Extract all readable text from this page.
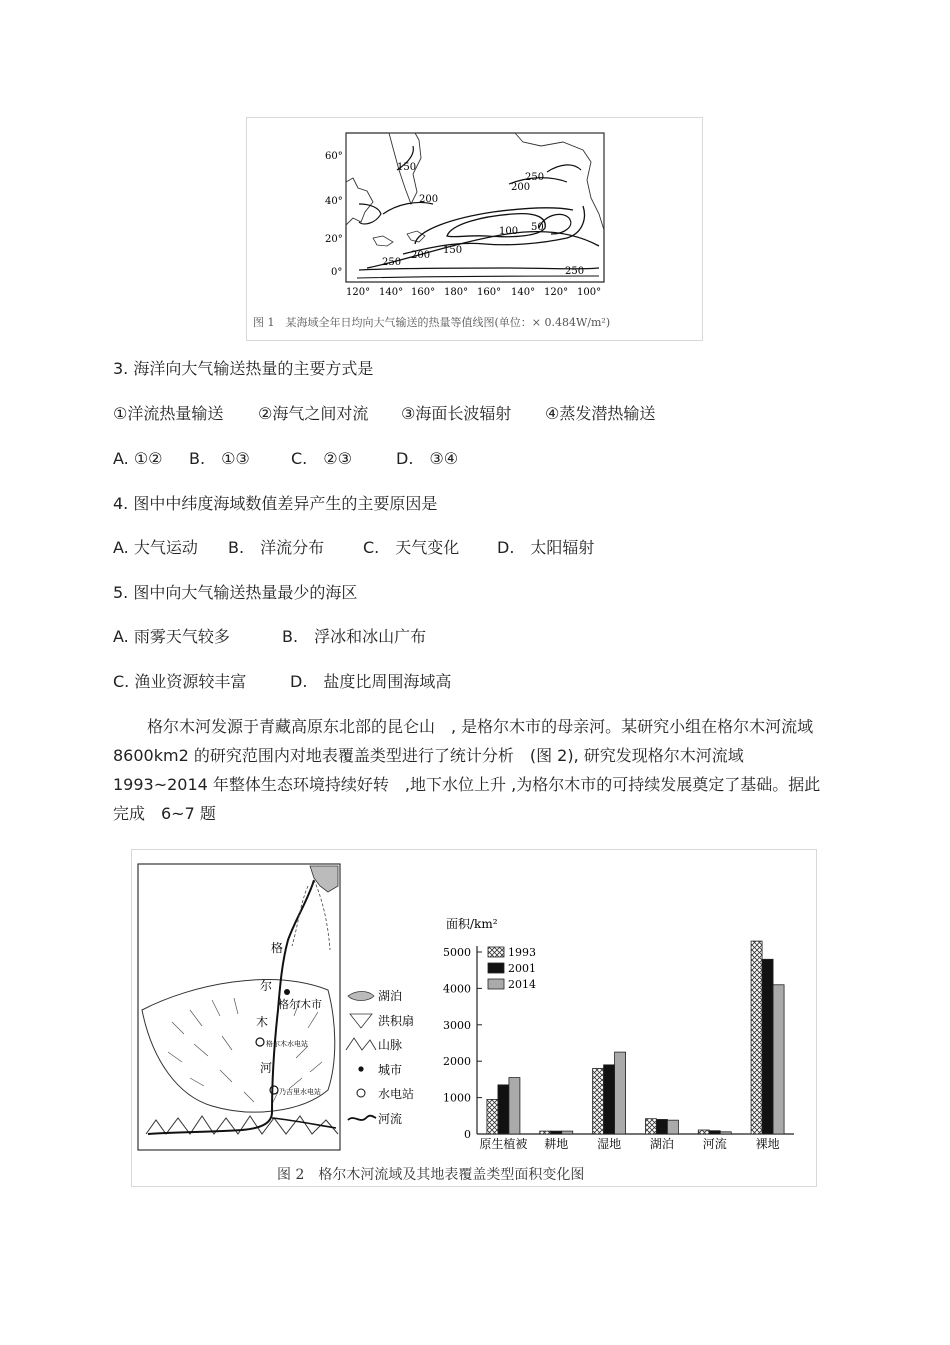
150
200
250
200
100 50
150
200
250
250
60°
40°
20°
0°
120° 140° 160° 180° 160° 140° 120° 100°
图 1　某海域全年日均向大气输送的热量等值线图(单位：× 0.484W/m²)
3. 海洋向大气输送热量的主要方式是
①洋流热量输送 ②海气之间对流 ③海面长波辐射 ④蒸发潜热输送
A. ①② B.　①③	C.　②③	D.　③④
4. 图中中纬度海域数值差异产生的主要原因是
A. 大气运动 B.　洋流分布 C.　天气变化 D.　太阳辐射
5. 图中向大气输送热量最少的海区
A. 雨雾天气较多	B.　浮冰和冰山广布
C. 渔业资源较丰富	D.　盐度比周围海域高
格尔木河发源于青藏高原东北部的昆仑山　, 是格尔木市的母亲河。某研究小组在格尔木河流域　8600km2 的研究范围内对地表覆盖类型进行了统计分析　(图 2), 研究发现格尔木河流域　1993~2014 年整体生态环境持续好转　,地下水位上升 ,为格尔木市的可持续发展奠定了基础。据此完成　6~7 题
格
尔
木
河
格尔木市
格尔木水电站
乃吉里水电站
湖泊
洪积扇
山脉
城市
水电站
河流
面积/km²
0
1000
2000
3000
4000
5000
原生植被 耕地 湿地 湖泊 河流 裸地
1993
2001
2014
图 2　格尔木河流域及其地表覆盖类型面积变化图
